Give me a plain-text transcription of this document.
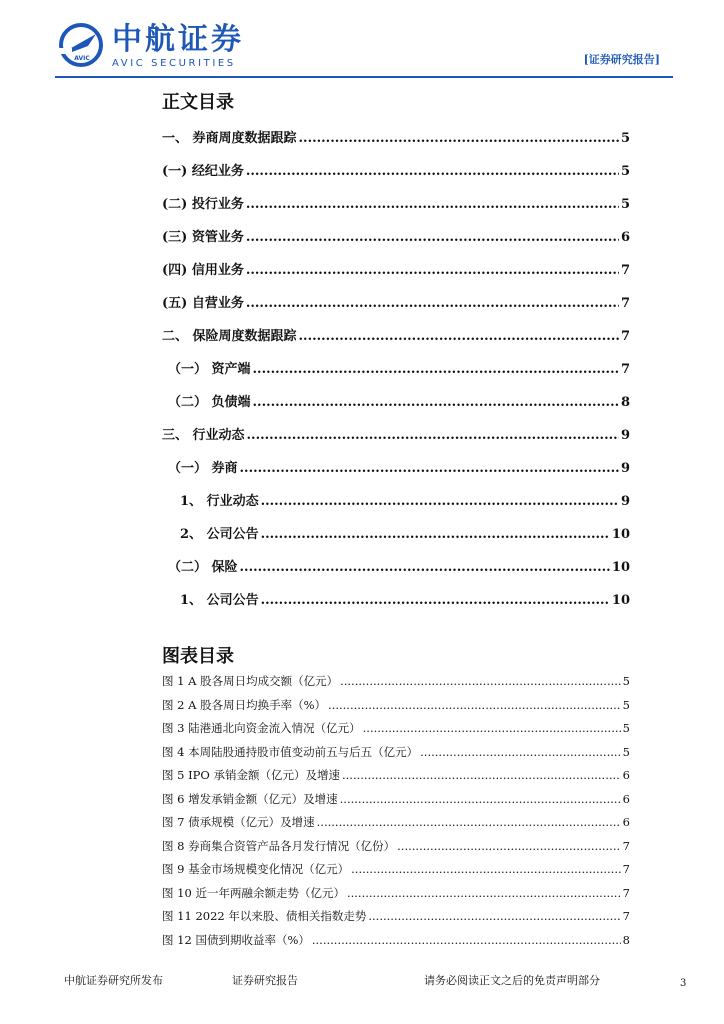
AVIC
中航证券
AVIC SECURITIES	[证券研究报告]
正文目录
一、 券商周度数据跟踪 .....	5
(一) 经纪业务 .....	5
(二) 投行业务 .....	5
(三) 资管业务 .....	6
(四) 信用业务 .....	7
(五) 自营业务 .....	7
二、 保险周度数据跟踪 .....	7
（一） 资产端 .....	7
（二） 负债端 .....	8
三、 行业动态 .....	9
（一） 券商 .....	9
1、 行业动态 .....	9
2、 公司公告 .....	10
（二） 保险 .....	10
1、 公司公告 .....	10
图表目录
图 1 A 股各周日均成交额（亿元） .....	5
图 2 A 股各周日均换手率（%） .....	5
图 3 陆港通北向资金流入情况（亿元） .....	5
图 4 本周陆股通持股市值变动前五与后五（亿元） .....	5
图 5 IPO 承销金额（亿元）及增速 .....	6
图 6 增发承销金额（亿元）及增速 .....	6
图 7 债承规模（亿元）及增速 .....	6
图 8 券商集合资管产品各月发行情况（亿份） .....	7
图 9 基金市场规模变化情况（亿元） .....	7
图 10 近一年两融余额走势（亿元） .....	7
图 11 2022 年以来股、债相关指数走势 .....	7
图 12 国债到期收益率（%） .....	8
中航证券研究所发布	证券研究报告	请务必阅读正文之后的免责声明部分	3
